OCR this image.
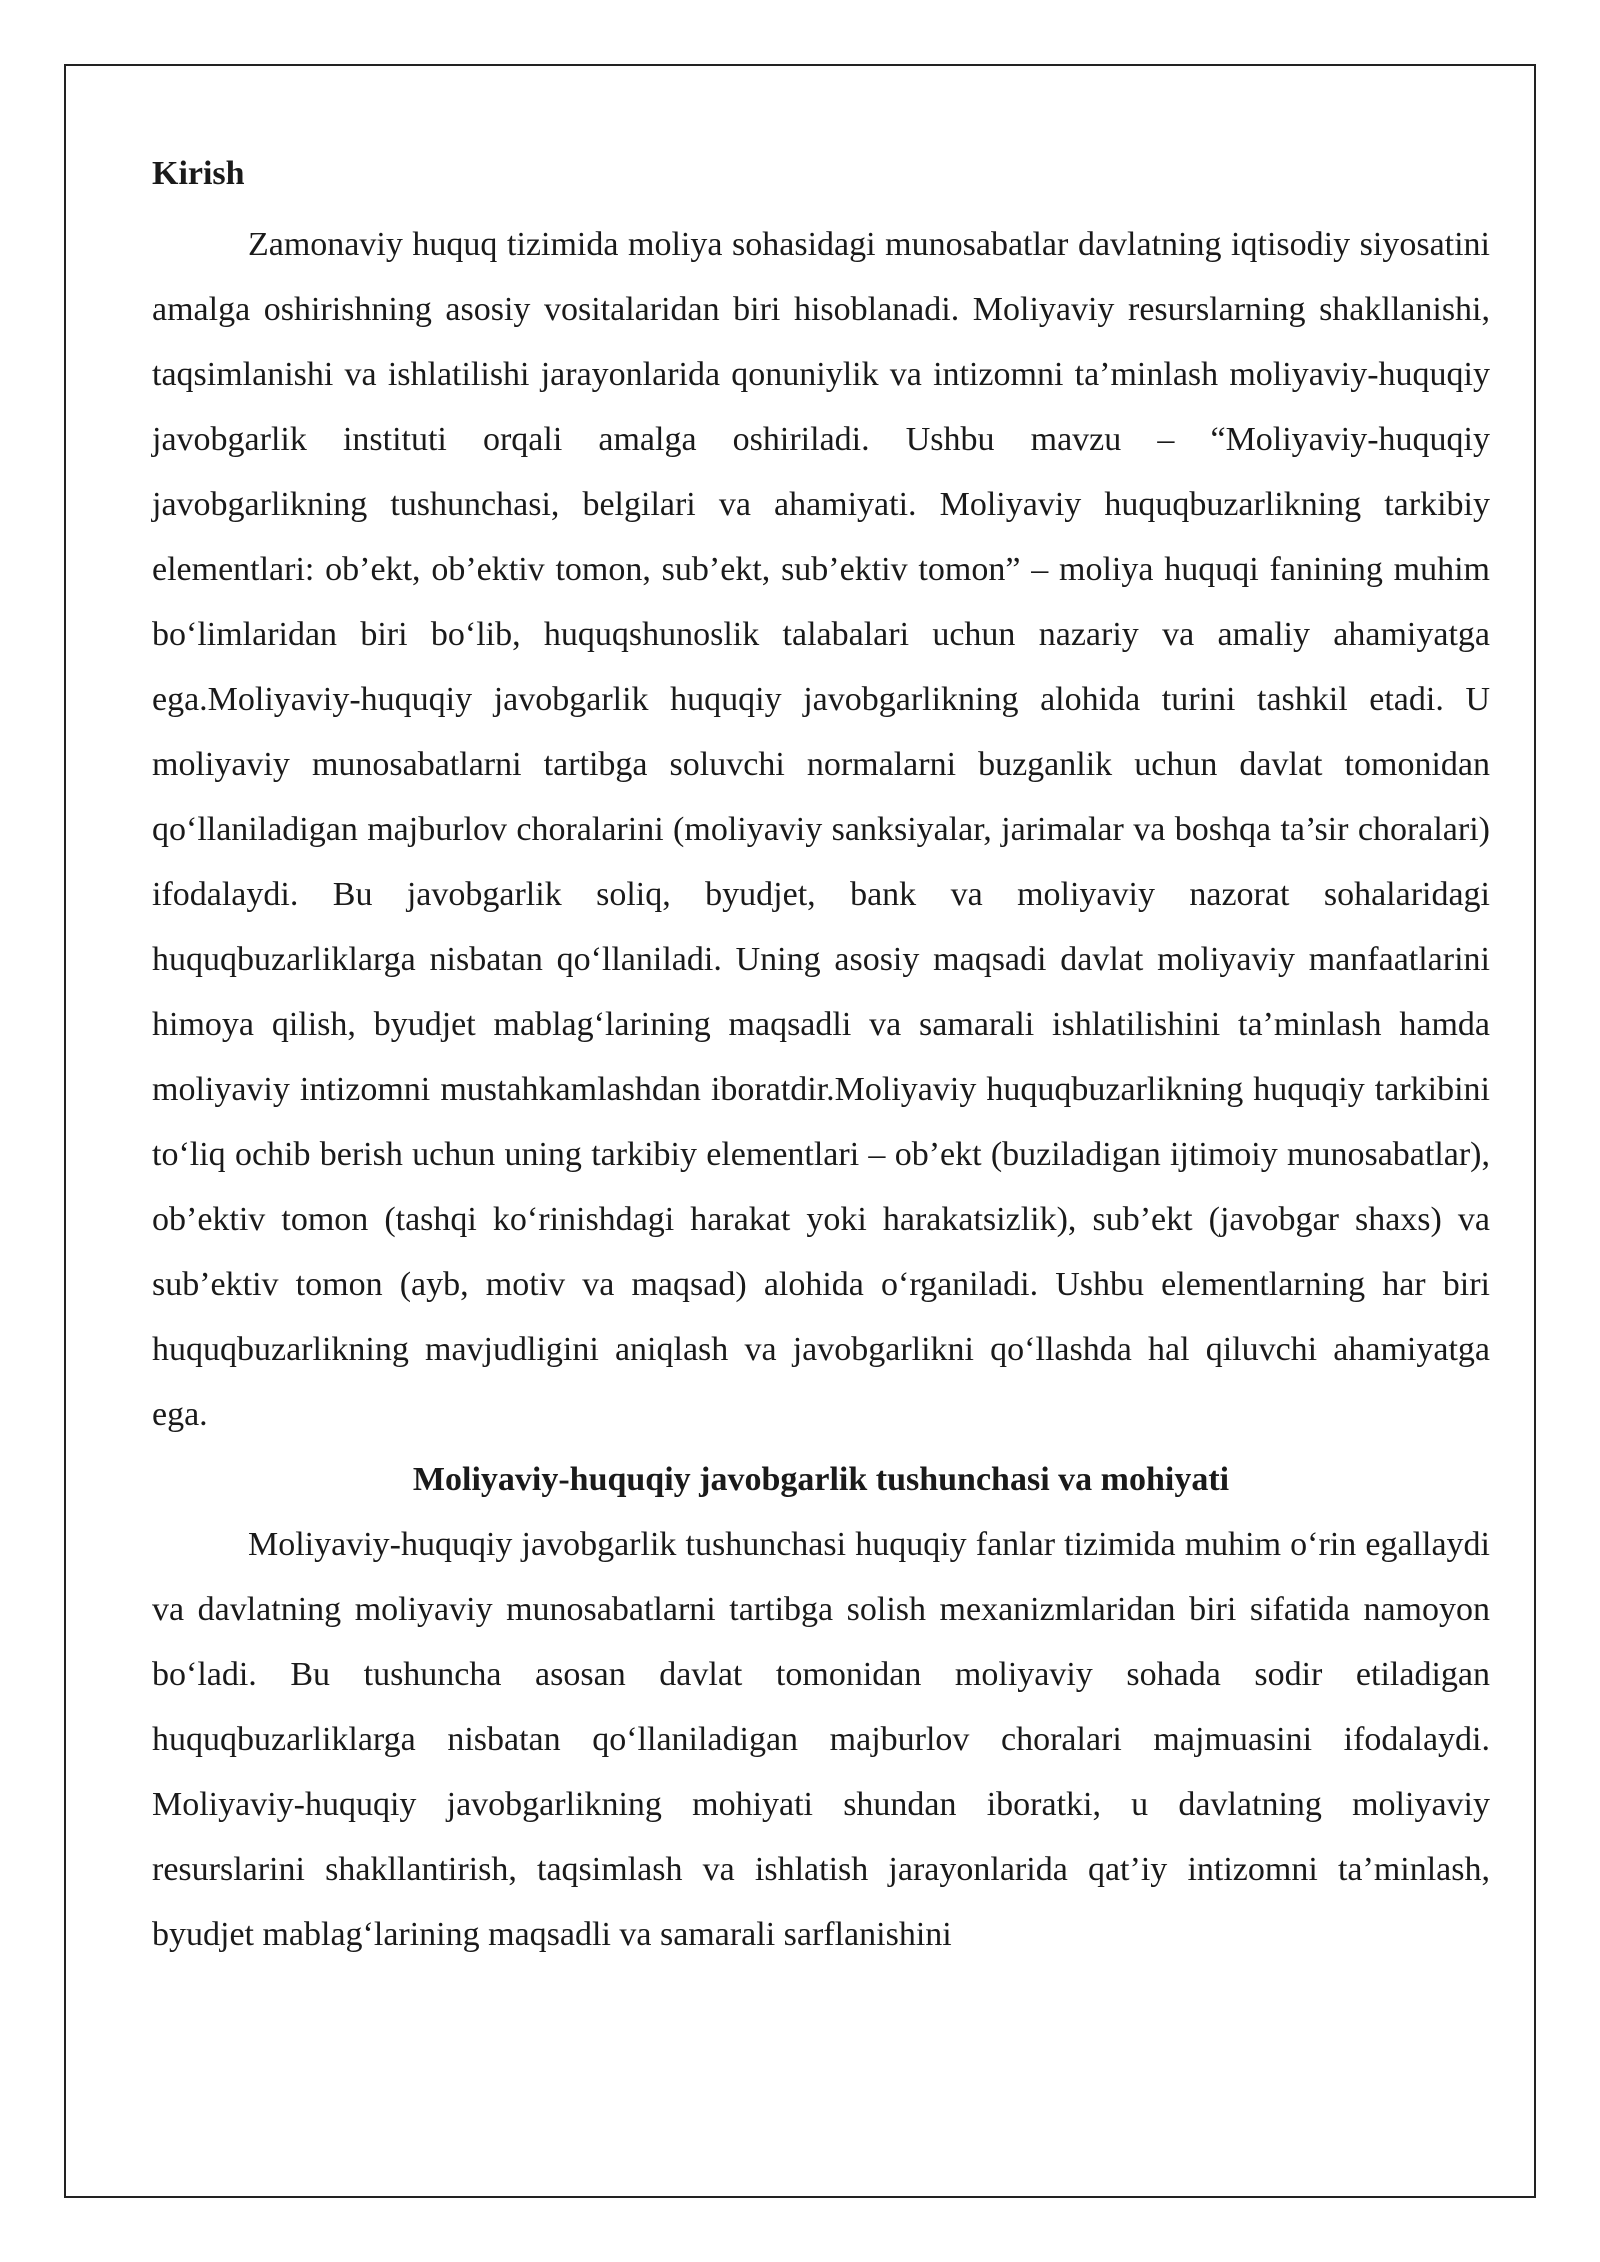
Kirish

Zamonaviy huquq tizimida moliya sohasidagi munosabatlar davlatning iqtisodiy siyosatini amalga oshirishning asosiy vositalaridan biri hisoblanadi. Moliyaviy resurslarning shakllanishi, taqsimlanishi va ishlatilishi jarayonlarida qonuniylik va intizomni ta’minlash moliyaviy-huquqiy javobgarlik instituti orqali amalga oshiriladi. Ushbu mavzu – “Moliyaviy-huquqiy javobgarlikning tushunchasi, belgilari va ahamiyati. Moliyaviy huquqbuzarlikning tarkibiy elementlari: ob’ekt, ob’ektiv tomon, sub’ekt, sub’ektiv tomon” – moliya huquqi fanining muhim bo‘limlaridan biri bo‘lib, huquqshunoslik talabalari uchun nazariy va amaliy ahamiyatga ega.Moliyaviy-huquqiy javobgarlik huquqiy javobgarlikning alohida turini tashkil etadi. U moliyaviy munosabatlarni tartibga soluvchi normalarni buzganlik uchun davlat tomonidan qo‘llaniladigan majburlov choralarini (moliyaviy sanksiyalar, jarimalar va boshqa ta’sir choralari) ifodalaydi. Bu javobgarlik soliq, byudjet, bank va moliyaviy nazorat sohalaridagi huquqbuzarliklarga nisbatan qo‘llaniladi. Uning asosiy maqsadi davlat moliyaviy manfaatlarini himoya qilish, byudjet mablag‘larining maqsadli va samarali ishlatilishini ta’minlash hamda moliyaviy intizomni mustahkamlashdan iboratdir.Moliyaviy huquqbuzarlikning huquqiy tarkibini to‘liq ochib berish uchun uning tarkibiy elementlari – ob’ekt (buziladigan ijtimoiy munosabatlar), ob’ektiv tomon (tashqi ko‘rinishdagi harakat yoki harakatsizlik), sub’ekt (javobgar shaxs) va sub’ektiv tomon (ayb, motiv va maqsad) alohida o‘rganiladi. Ushbu elementlarning har biri huquqbuzarlikning mavjudligini aniqlash va javobgarlikni qo‘llashda hal qiluvchi ahamiyatga ega.

Moliyaviy-huquqiy javobgarlik tushunchasi va mohiyati

Moliyaviy-huquqiy javobgarlik tushunchasi huquqiy fanlar tizimida muhim o‘rin egallaydi va davlatning moliyaviy munosabatlarni tartibga solish mexanizmlaridan biri sifatida namoyon bo‘ladi. Bu tushuncha asosan davlat tomonidan moliyaviy sohada sodir etiladigan huquqbuzarliklarga nisbatan qo‘llaniladigan majburlov choralari majmuasini ifodalaydi. Moliyaviy-huquqiy javobgarlikning mohiyati shundan iboratki, u davlatning moliyaviy resurslarini shakllantirish, taqsimlash va ishlatish jarayonlarida qat’iy intizomni ta’minlash, byudjet mablag‘larining maqsadli va samarali sarflanishini
